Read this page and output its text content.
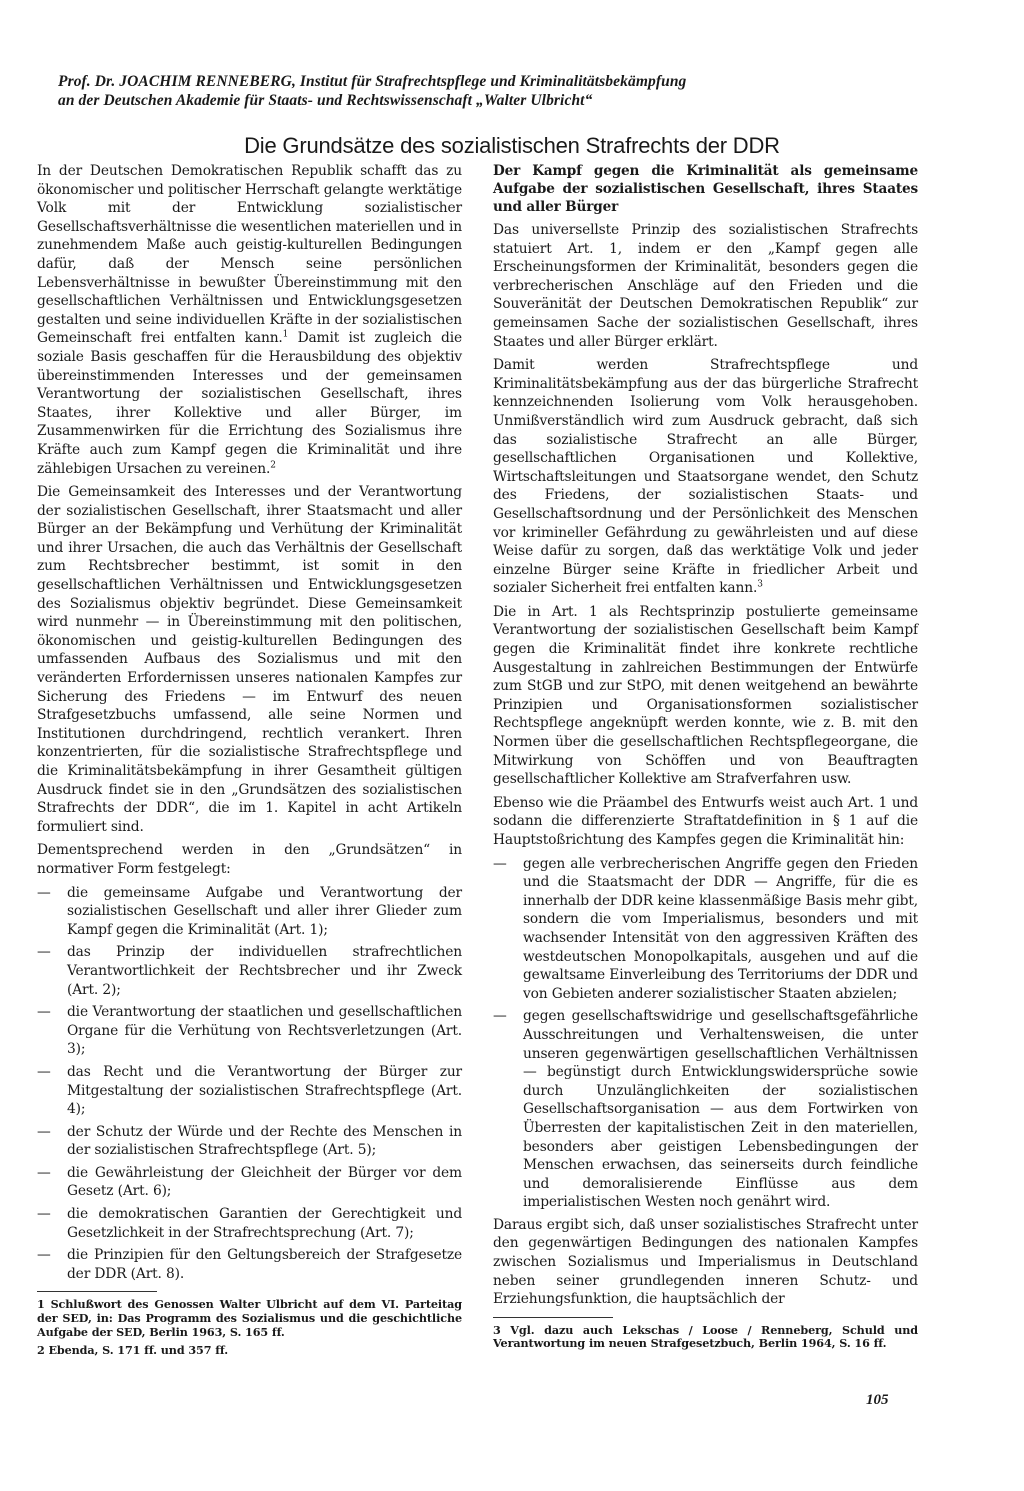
Prof. Dr. JOACHIM RENNEBERG, Institut für Strafrechtspflege und Kriminalitätsbekämpfung
an der Deutschen Akademie für Staats- und Rechtswissenschaft „Walter Ulbricht“
Die Grundsätze des sozialistischen Strafrechts der DDR

In der Deutschen Demokratischen Republik schafft das zu ökonomischer und politischer Herrschaft gelangte werktätige Volk mit der Entwicklung sozialistischer Gesellschaftsverhältnisse die wesentlichen materiellen und in zunehmendem Maße auch geistig-kulturellen Bedingungen dafür, daß der Mensch seine persönlichen Lebensverhältnisse in bewußter Übereinstimmung mit den gesellschaftlichen Verhältnissen und Entwicklungsgesetzen gestalten und seine individuellen Kräfte in der sozialistischen Gemeinschaft frei entfalten kann.$^1$ Damit ist zugleich die soziale Basis geschaffen für die Herausbildung des objektiv übereinstimmenden Interesses und der gemeinsamen Verantwortung der sozialistischen Gesellschaft, ihres Staates, ihrer Kollektive und aller Bürger, im Zusammenwirken für die Errichtung des Sozialismus ihre Kräfte auch zum Kampf gegen die Kriminalität und ihre zählebigen Ursachen zu vereinen.$^2$

Die Gemeinsamkeit des Interesses und der Verantwortung der sozialistischen Gesellschaft, ihrer Staatsmacht und aller Bürger an der Bekämpfung und Verhütung der Kriminalität und ihrer Ursachen, die auch das Verhältnis der Gesellschaft zum Rechtsbrecher bestimmt, ist somit in den gesellschaftlichen Verhältnissen und Entwicklungsgesetzen des Sozialismus objektiv begründet. Diese Gemeinsamkeit wird nunmehr — in Übereinstimmung mit den politischen, ökonomischen und geistig-kulturellen Bedingungen des umfassenden Aufbaus des Sozialismus und mit den veränderten Erfordernissen unseres nationalen Kampfes zur Sicherung des Friedens — im Entwurf des neuen Strafgesetzbuchs umfassend, alle seine Normen und Institutionen durchdringend, rechtlich verankert. Ihren konzentrierten, für die sozialistische Strafrechtspflege und die Kriminalitätsbekämpfung in ihrer Gesamtheit gültigen Ausdruck findet sie in den „Grundsätzen des sozialistischen Strafrechts der DDR“, die im 1. Kapitel in acht Artikeln formuliert sind.

Dementsprechend werden in den „Grundsätzen“ in normativer Form festgelegt:

— die gemeinsame Aufgabe und Verantwortung der sozialistischen Gesellschaft und aller ihrer Glieder zum Kampf gegen die Kriminalität (Art. 1);
— das Prinzip der individuellen strafrechtlichen Verantwortlichkeit der Rechtsbrecher und ihr Zweck (Art. 2);
— die Verantwortung der staatlichen und gesellschaftlichen Organe für die Verhütung von Rechtsverletzungen (Art. 3);
— das Recht und die Verantwortung der Bürger zur Mitgestaltung der sozialistischen Strafrechtspflege (Art. 4);
— der Schutz der Würde und der Rechte des Menschen in der sozialistischen Strafrechtspflege (Art. 5);
— die Gewährleistung der Gleichheit der Bürger vor dem Gesetz (Art. 6);
— die demokratischen Garantien der Gerechtigkeit und Gesetzlichkeit in der Strafrechtsprechung (Art. 7);
— die Prinzipien für den Geltungsbereich der Strafgesetze der DDR (Art. 8).

1 Schlußwort des Genossen Walter Ulbricht auf dem VI. Parteitag der SED, in: Das Programm des Sozialismus und die geschichtliche Aufgabe der SED, Berlin 1963, S. 165 ff.

2 Ebenda, S. 171 ff. und 357 ff.

Der Kampf gegen die Kriminalität als gemeinsame Aufgabe der sozialistischen Gesellschaft, ihres Staates und aller Bürger

Das universellste Prinzip des sozialistischen Strafrechts statuiert Art. 1, indem er den „Kampf gegen alle Erscheinungsformen der Kriminalität, besonders gegen die verbrecherischen Anschläge auf den Frieden und die Souveränität der Deutschen Demokratischen Republik“ zur gemeinsamen Sache der sozialistischen Gesellschaft, ihres Staates und aller Bürger erklärt.

Damit werden Strafrechtspflege und Kriminalitätsbekämpfung aus der das bürgerliche Strafrecht kennzeichnenden Isolierung vom Volk herausgehoben. Unmißverständlich wird zum Ausdruck gebracht, daß sich das sozialistische Strafrecht an alle Bürger, gesellschaftlichen Organisationen und Kollektive, Wirtschaftsleitungen und Staatsorgane wendet, den Schutz des Friedens, der sozialistischen Staats- und Gesellschaftsordnung und der Persönlichkeit des Menschen vor krimineller Gefährdung zu gewährleisten und auf diese Weise dafür zu sorgen, daß das werktätige Volk und jeder einzelne Bürger seine Kräfte in friedlicher Arbeit und sozialer Sicherheit frei entfalten kann.$^3$

Die in Art. 1 als Rechtsprinzip postulierte gemeinsame Verantwortung der sozialistischen Gesellschaft beim Kampf gegen die Kriminalität findet ihre konkrete rechtliche Ausgestaltung in zahlreichen Bestimmungen der Entwürfe zum StGB und zur StPO, mit denen weitgehend an bewährte Prinzipien und Organisationsformen sozialistischer Rechtspflege angeknüpft werden konnte, wie z. B. mit den Normen über die gesellschaftlichen Rechtspflegeorgane, die Mitwirkung von Schöffen und von Beauftragten gesellschaftlicher Kollektive am Strafverfahren usw.

Ebenso wie die Präambel des Entwurfs weist auch Art. 1 und sodann die differenzierte Straftatdefinition in § 1 auf die Hauptstoßrichtung des Kampfes gegen die Kriminalität hin:

— gegen alle verbrecherischen Angriffe gegen den Frieden und die Staatsmacht der DDR — Angriffe, für die es innerhalb der DDR keine klassenmäßige Basis mehr gibt, sondern die vom Imperialismus, besonders und mit wachsender Intensität von den aggressiven Kräften des westdeutschen Monopolkapitals, ausgehen und auf die gewaltsame Einverleibung des Territoriums der DDR und von Gebieten anderer sozialistischer Staaten abzielen;
— gegen gesellschaftswidrige und gesellschaftsgefährliche Ausschreitungen und Verhaltensweisen, die unter unseren gegenwärtigen gesellschaftlichen Verhältnissen — begünstigt durch Entwicklungswidersprüche sowie durch Unzulänglichkeiten der sozialistischen Gesellschaftsorganisation — aus dem Fortwirken von Überresten der kapitalistischen Zeit in den materiellen, besonders aber geistigen Lebensbedingungen der Menschen erwachsen, das seinerseits durch feindliche und demoralisierende Einflüsse aus dem imperialistischen Westen noch genährt wird.

Daraus ergibt sich, daß unser sozialistisches Strafrecht unter den gegenwärtigen Bedingungen des nationalen Kampfes zwischen Sozialismus und Imperialismus in Deutschland neben seiner grundlegenden inneren Schutz- und Erziehungsfunktion, die hauptsächlich der

3 Vgl. dazu auch Lekschas / Loose / Renneberg, Schuld und Verantwortung im neuen Strafgesetzbuch, Berlin 1964, S. 16 ff.

105
